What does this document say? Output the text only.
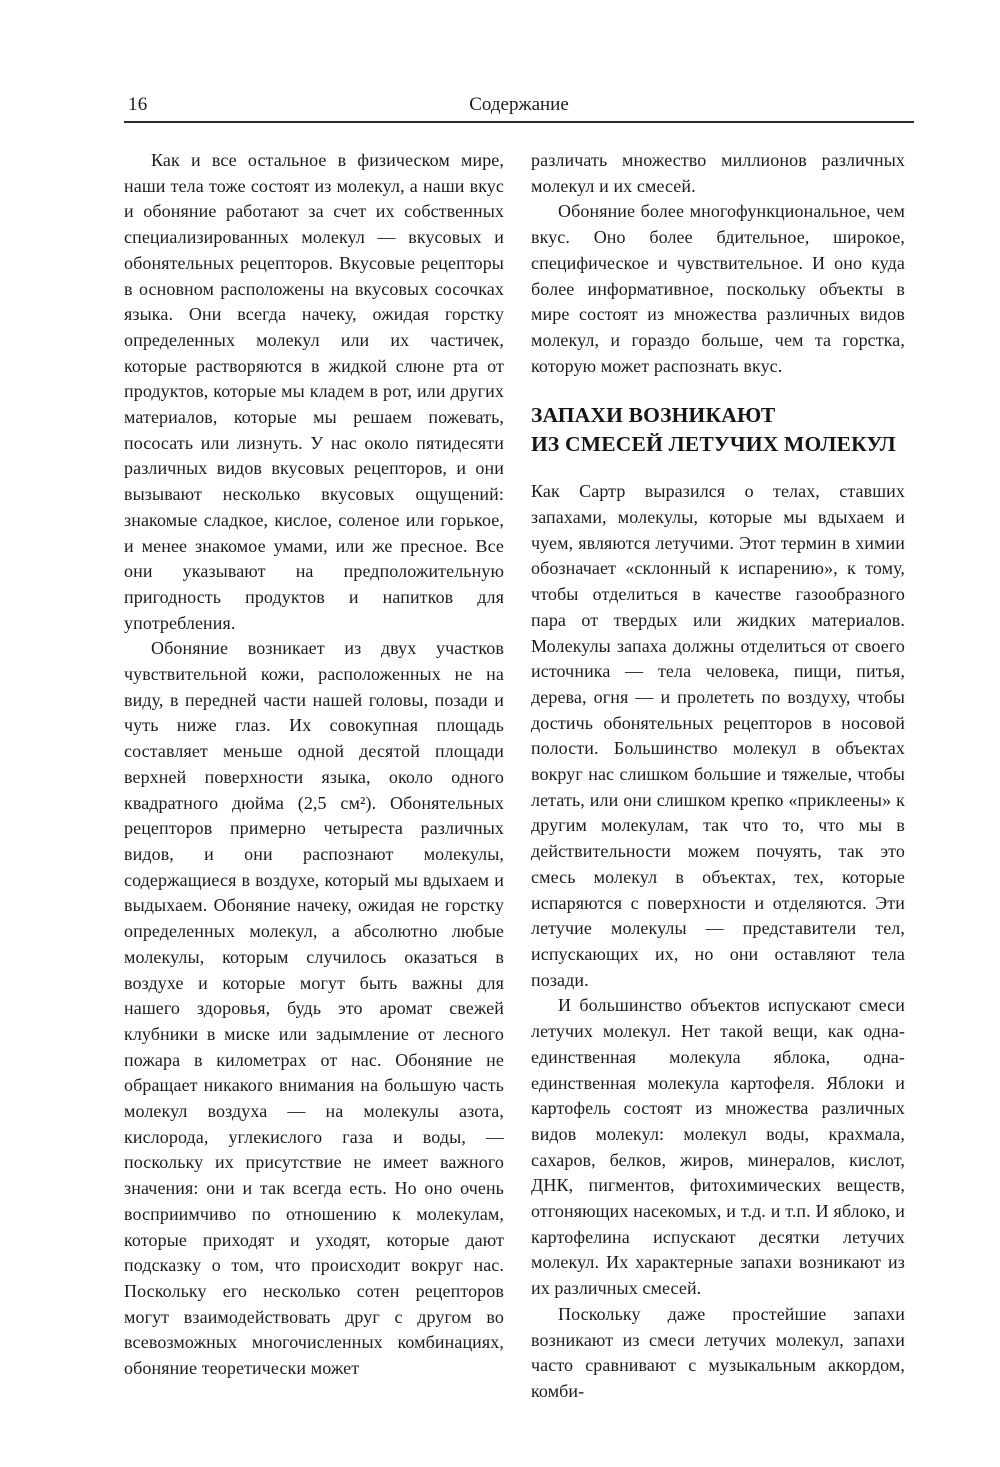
16	Содержание

Как и все остальное в физическом мире, наши тела тоже состоят из молекул, а наши вкус и обоняние работают за счет их собственных специализированных молекул — вкусовых и обонятельных рецепторов. Вкусовые рецепторы в основном расположены на вкусовых сосочках языка. Они всегда начеку, ожидая горстку определенных молекул или их частичек, которые растворяются в жидкой слюне рта от продуктов, которые мы кладем в рот, или других материалов, которые мы решаем пожевать, пососать или лизнуть. У нас около пятидесяти различных видов вкусовых рецепторов, и они вызывают несколько вкусовых ощущений: знакомые сладкое, кислое, соленое или горькое, и менее знакомое умами, или же пресное. Все они указывают на предположительную пригодность продуктов и напитков для употребления.

Обоняние возникает из двух участков чувствительной кожи, расположенных не на виду, в передней части нашей головы, позади и чуть ниже глаз. Их совокупная площадь составляет меньше одной десятой площади верхней поверхности языка, около одного квадратного дюйма (2,5 см²). Обонятельных рецепторов примерно четыреста различных видов, и они распознают молекулы, содержащиеся в воздухе, который мы вдыхаем и выдыхаем. Обоняние начеку, ожидая не горстку определенных молекул, а абсолютно любые молекулы, которым случилось оказаться в воздухе и которые могут быть важны для нашего здоровья, будь это аромат свежей клубники в миске или задымление от лесного пожара в километрах от нас. Обоняние не обращает никакого внимания на большую часть молекул воздуха — на молекулы азота, кислорода, углекислого газа и воды, — поскольку их присутствие не имеет важного значения: они и так всегда есть. Но оно очень восприимчиво по отношению к молекулам, которые приходят и уходят, которые дают подсказку о том, что происходит вокруг нас. Поскольку его несколько сотен рецепторов могут взаимодействовать друг с другом во всевозможных многочисленных комбинациях, обоняние теоретически может

различать множество миллионов различных молекул и их смесей.

Обоняние более многофункциональное, чем вкус. Оно более бдительное, широкое, специфическое и чувствительное. И оно куда более информативное, поскольку объекты в мире состоят из множества различных видов молекул, и гораздо больше, чем та горстка, которую может распознать вкус.

ЗАПАХИ ВОЗНИКАЮТ
ИЗ СМЕСЕЙ ЛЕТУЧИХ МОЛЕКУЛ

Как Сартр выразился о телах, ставших запахами, молекулы, которые мы вдыхаем и чуем, являются летучими. Этот термин в химии обозначает «склонный к испарению», к тому, чтобы отделиться в качестве газообразного пара от твердых или жидких материалов. Молекулы запаха должны отделиться от своего источника — тела человека, пищи, питья, дерева, огня — и пролететь по воздуху, чтобы достичь обонятельных рецепторов в носовой полости. Большинство молекул в объектах вокруг нас слишком большие и тяжелые, чтобы летать, или они слишком крепко «приклеены» к другим молекулам, так что то, что мы в действительности можем почуять, так это смесь молекул в объектах, тех, которые испаряются с поверхности и отделяются. Эти летучие молекулы — представители тел, испускающих их, но они оставляют тела позади.

И большинство объектов испускают смеси летучих молекул. Нет такой вещи, как одна-единственная молекула яблока, одна-единственная молекула картофеля. Яблоки и картофель состоят из множества различных видов молекул: молекул воды, крахмала, сахаров, белков, жиров, минералов, кислот, ДНК, пигментов, фитохимических веществ, отгоняющих насекомых, и т.д. и т.п. И яблоко, и картофелина испускают десятки летучих молекул. Их характерные запахи возникают из их различных смесей.

Поскольку даже простейшие запахи возникают из смеси летучих молекул, запахи часто сравнивают с музыкальным аккордом, комби-
